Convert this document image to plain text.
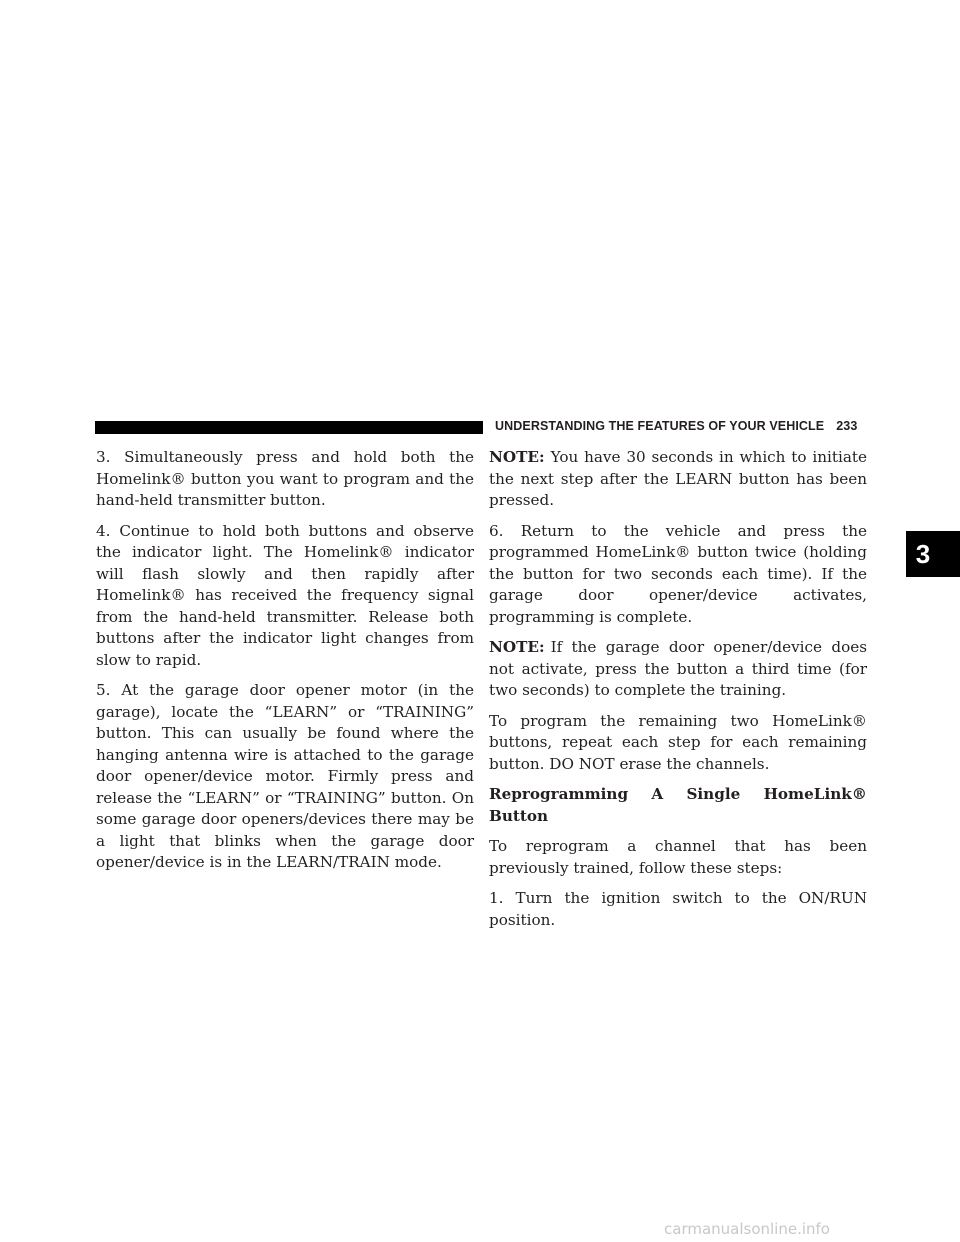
UNDERSTANDING THE FEATURES OF YOUR VEHICLE 233

3. Simultaneously press and hold both the Homelink® button you want to program and the hand-held transmitter button.

4. Continue to hold both buttons and observe the indicator light. The Homelink® indicator will flash slowly and then rapidly after Homelink® has received the frequency signal from the hand-held transmitter. Release both buttons after the indicator light changes from slow to rapid.

5. At the garage door opener motor (in the garage), locate the “LEARN” or “TRAINING” button. This can usually be found where the hanging antenna wire is attached to the garage door opener/device motor. Firmly press and release the “LEARN” or “TRAINING” button. On some garage door openers/devices there may be a light that blinks when the garage door opener/device is in the LEARN/TRAIN mode.

NOTE: You have 30 seconds in which to initiate the next step after the LEARN button has been pressed.

6. Return to the vehicle and press the programmed HomeLink® button twice (holding the button for two seconds each time). If the garage door opener/device activates, programming is complete.

NOTE: If the garage door opener/device does not activate, press the button a third time (for two seconds) to complete the training.

To program the remaining two HomeLink® buttons, repeat each step for each remaining button. DO NOT erase the channels.

Reprogramming A Single HomeLink® Button

To reprogram a channel that has been previously trained, follow these steps:

1. Turn the ignition switch to the ON/RUN position.

3
carmanualsonline.info
